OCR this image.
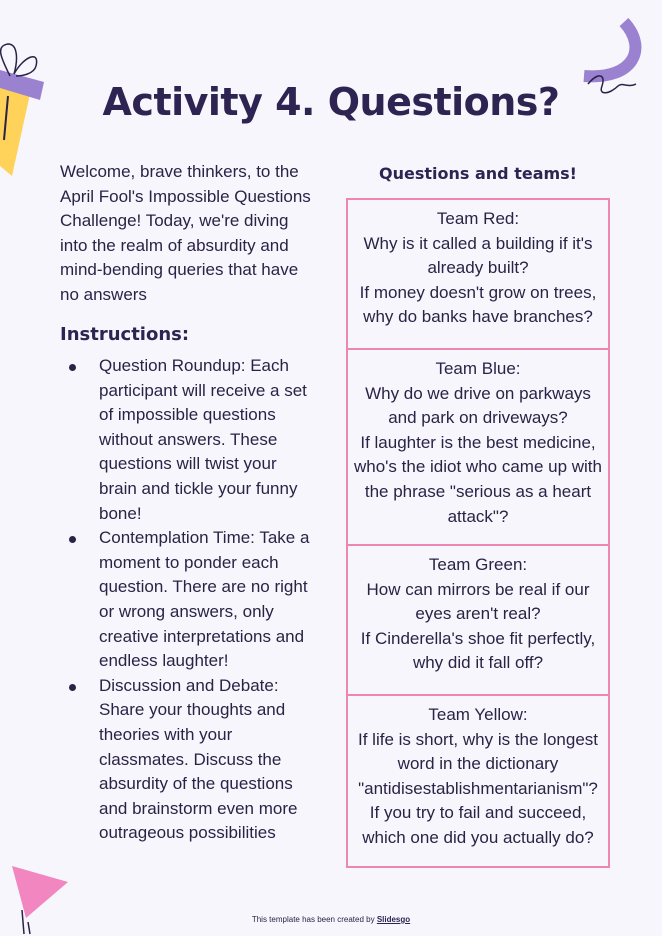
Activity 4. Questions?
Welcome, brave thinkers, to the April Fool's Impossible Questions Challenge! Today, we're diving into the realm of absurdity and mind-bending queries that have no answers
Instructions:
Question Roundup: Each participant will receive a set of impossible questions without answers. These questions will twist your brain and tickle your funny bone!
Contemplation Time: Take a moment to ponder each question. There are no right or wrong answers, only creative interpretations and endless laughter!
Discussion and Debate: Share your thoughts and theories with your classmates. Discuss the absurdity of the questions and brainstorm even more outrageous possibilities
Questions and teams!
Team Red:
Why is it called a building if it's already built?
If money doesn't grow on trees, why do banks have branches?
Team Blue:
Why do we drive on parkways and park on driveways?
If laughter is the best medicine, who's the idiot who came up with the phrase "serious as a heart attack"?
Team Green:
How can mirrors be real if our eyes aren't real?
If Cinderella's shoe fit perfectly, why did it fall off?
Team Yellow:
If life is short, why is the longest word in the dictionary "antidisestablishmentarianism"?
If you try to fail and succeed, which one did you actually do?
This template has been created by Slidesgo
